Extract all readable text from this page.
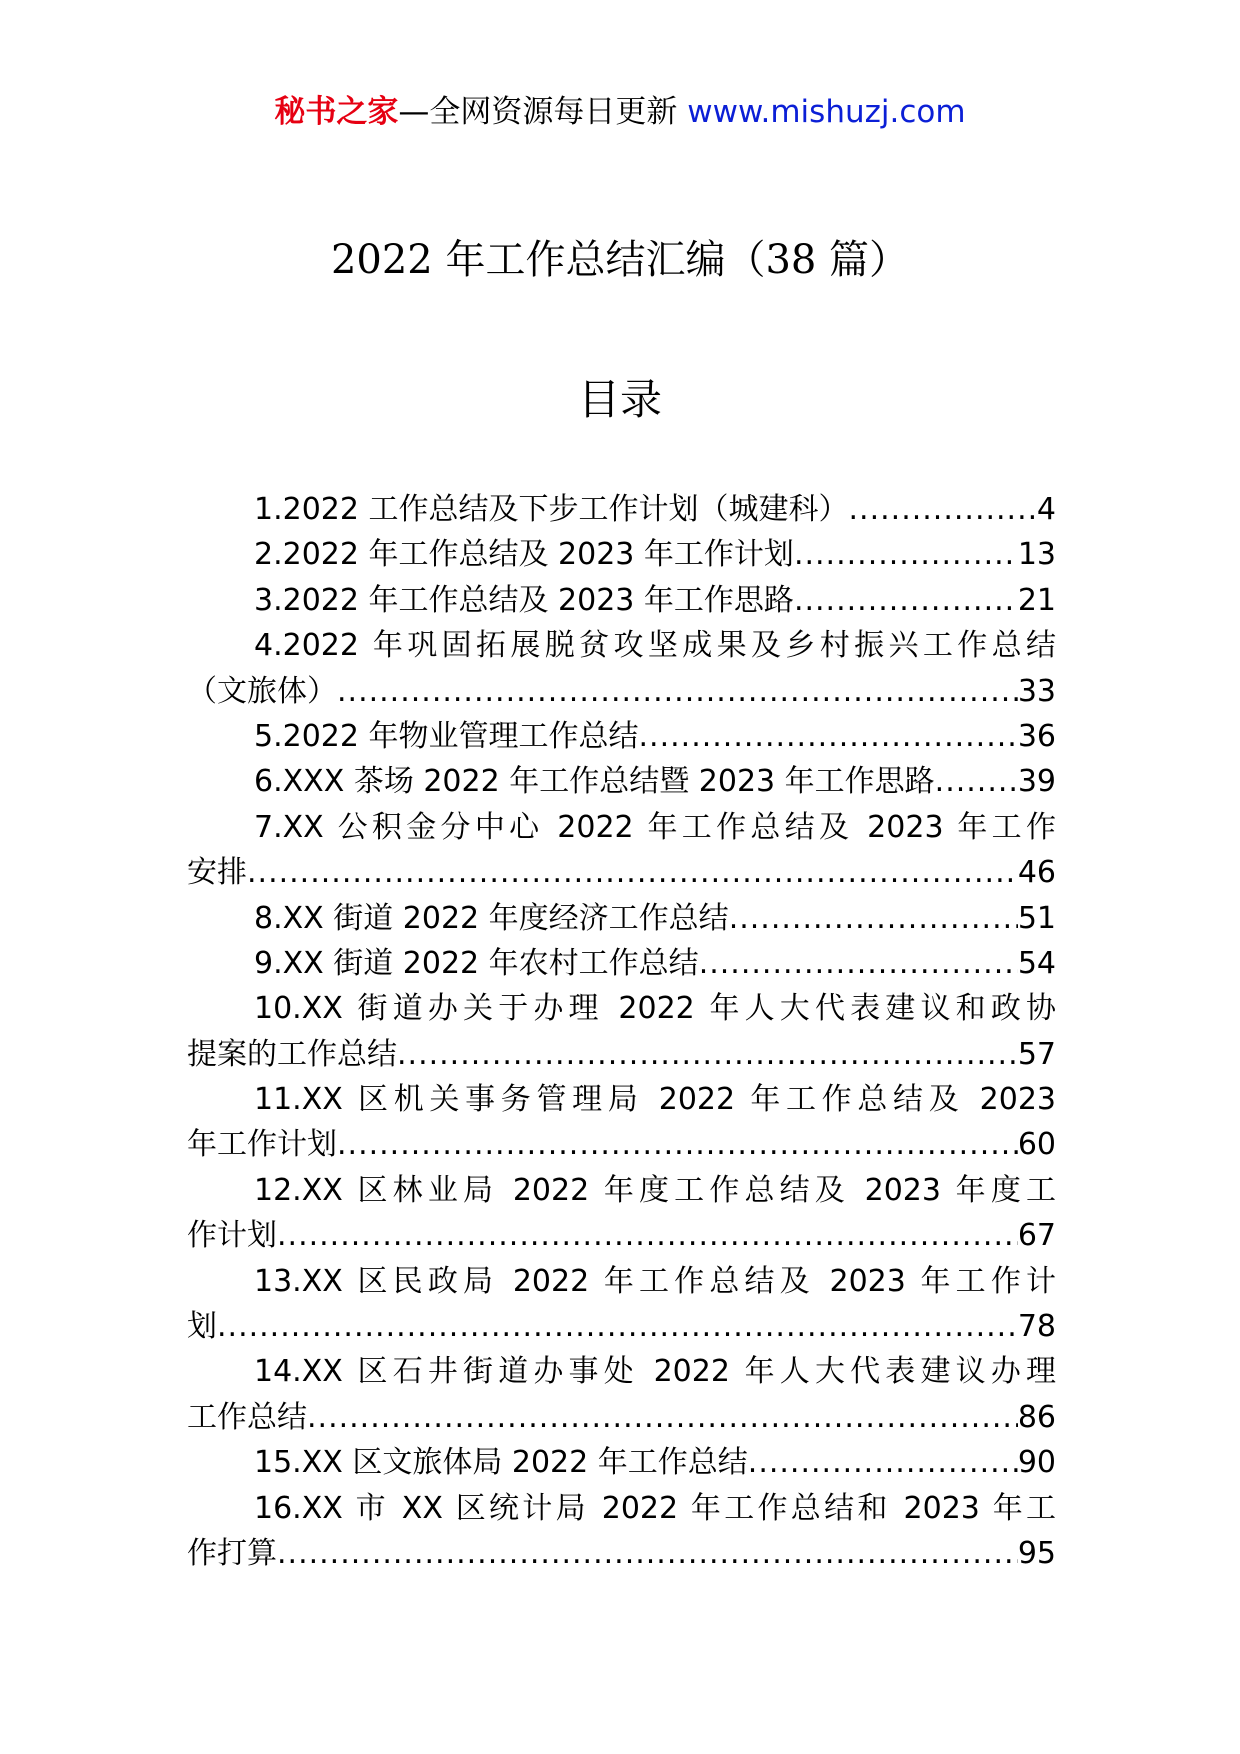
秘书之家—全网资源每日更新 www.mishuzj.com
2022 年工作总结汇编（38 篇）
目录
1.2022 工作总结及下步工作计划（城建科） .....	4
2.2022 年工作总结及 2023 年工作计划 .....	13
3.2022 年工作总结及 2023 年工作思路 .....	21
4.2022 年巩固拓展脱贫攻坚成果及乡村振兴工作总结
（文旅体） .....	33
5.2022 年物业管理工作总结 .....	36
6.XXX 茶场 2022 年工作总结暨 2023 年工作思路 .....	39
7.XX 公积金分中心 2022 年工作总结及 2023 年工作
安排 .....	46
8.XX 街道 2022 年度经济工作总结 .....	51
9.XX 街道 2022 年农村工作总结 .....	54
10.XX 街道办关于办理 2022 年人大代表建议和政协
提案的工作总结 .....	57
11.XX 区机关事务管理局 2022 年工作总结及 2023
年工作计划 .....	60
12.XX 区林业局 2022 年度工作总结及 2023 年度工
作计划 .....	67
13.XX 区民政局 2022 年工作总结及 2023 年工作计
划 .....	78
14.XX 区石井街道办事处 2022 年人大代表建议办理
工作总结 .....	86
15.XX 区文旅体局 2022 年工作总结 .....	90
16.XX 市 XX 区统计局 2022 年工作总结和 2023 年工
作打算 .....	95
